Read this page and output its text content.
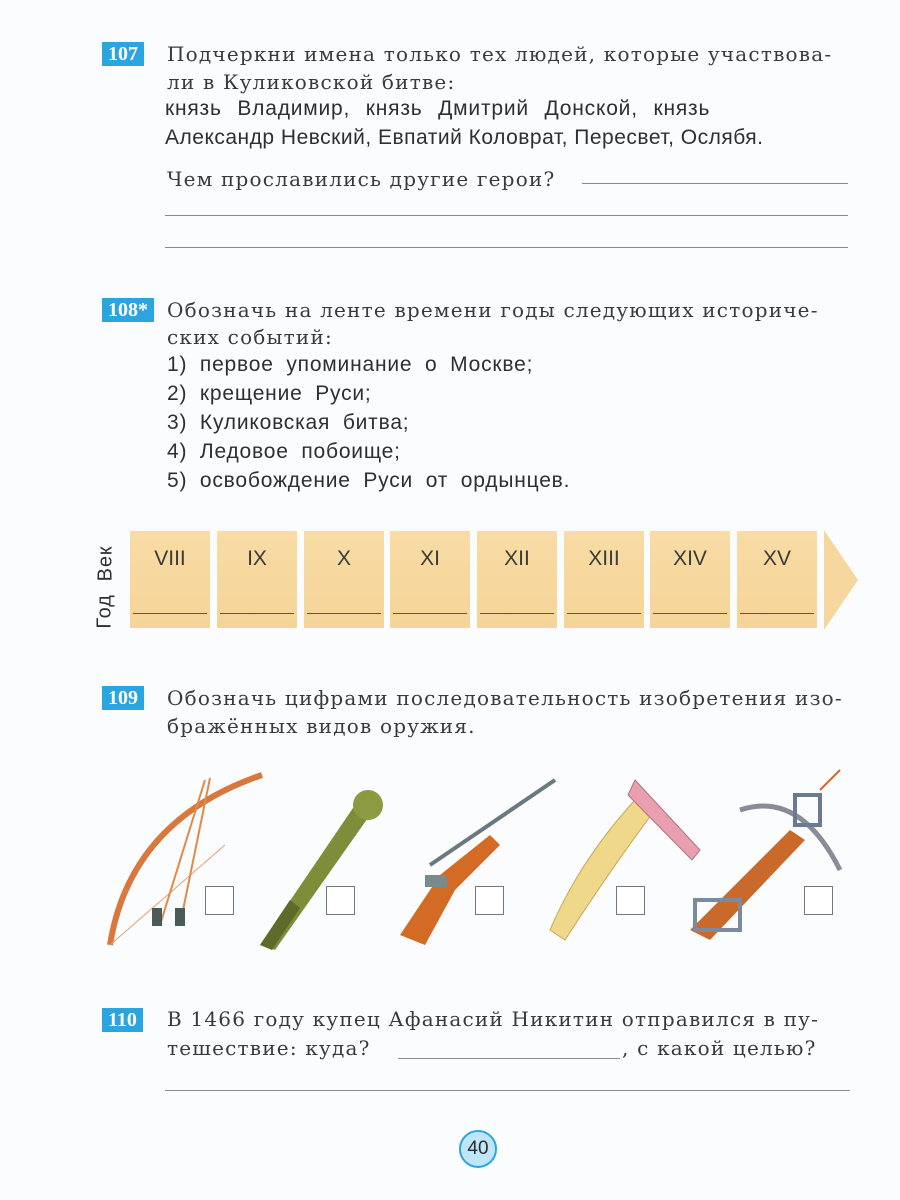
107	Подчеркни имена только тех людей, которые участвова-
ли в Куликовской битве:
князь Владимир, князь Дмитрий Донской, князь
Александр Невский, Евпатий Коловрат, Пересвет, Ослябя.
Чем прославились другие герои?
108* Обозначь на ленте времени годы следующих историче-
ских событий:
1) первое упоминание о Москве;
2) крещение Руси;
3) Куликовская битва;
4) Ледовое побоище;
5) освобождение Руси от ордынцев.
Век
Год
VIII	IX	X	XI	XII	XIII	XIV	XV
109	Обозначь цифрами последовательность изобретения изо-
бражённых видов оружия.
110	В 1466 году купец Афанасий Никитин отправился в пу-
тешествие: куда?	, с какой целью?
40
